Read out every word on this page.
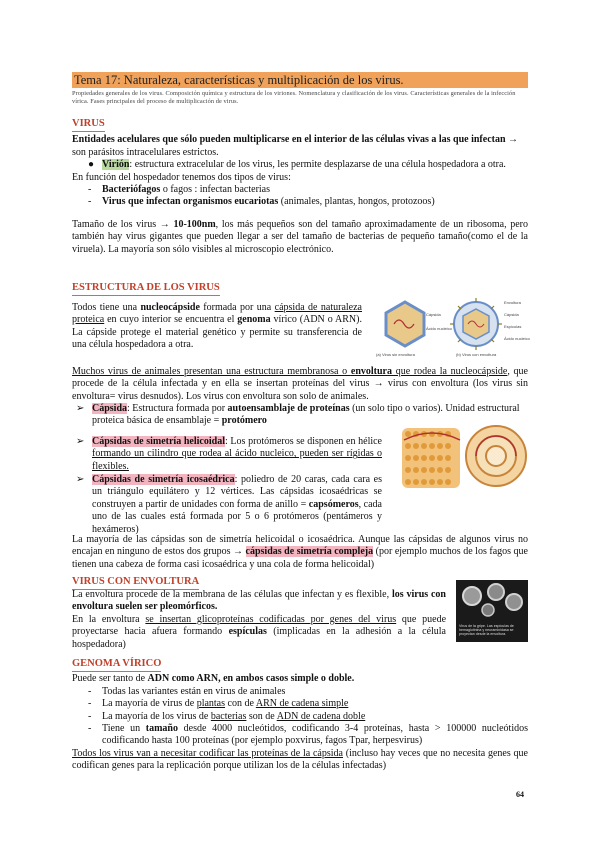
Tema 17: Naturaleza, características y multiplicación de los virus.
Propiedades generales de los virus. Composición química y estructura de los viriones. Nomenclatura y clasificación de los virus. Características generales de la infección vírica. Fases principales del proceso de multiplicación de virus.

VIRUS

Entidades acelulares que sólo pueden multiplicarse en el interior de las células vivas a las que infectan → son parásitos intracelulares estrictos.

● Virión: estructura extracelular de los virus, les permite desplazarse de una célula hospedadora a otra.

En función del hospedador tenemos dos tipos de virus:

- Bacteriófagos o fagos : infectan bacterias
- Virus que infectan organismos eucariotas (animales, plantas, hongos, protozoos)

Tamaño de los virus → 10-100nm, los más pequeños son del tamaño aproximadamente de un ribosoma, pero también hay virus gigantes que pueden llegar a ser del tamaño de bacterias de pequeño tamaño(como el de la viruela). La mayoría son sólo visibles al microscopio electrónico.

ESTRUCTURA DE LOS VIRUS

Todos tiene una nucleocápside formada por una cápsida de naturaleza proteica en cuyo interior se encuentra el genoma vírico (ADN o ARN). La cápside protege el material genético y permite su transferencia de una célula hospedadora a otra.
Cápsida
Ácido nucleico
Envoltura
Cápsida
Espículas
Ácido nucleico
(a) Virus sin envoltura	(b) Virus con envoltura
Muchos virus de animales presentan una estructura membranosa o envoltura que rodea la nucleocápside, que procede de la célula infectada y en ella se insertan proteínas del virus → virus con envoltura (los virus sin envoltura= virus desnudos). Los virus con envoltura son solo de animales.
➢ Cápsida: Estructura formada por autoensamblaje de proteínas (un solo tipo o varios). Unidad estructural proteica básica de ensamblaje = protómero
➢ Cápsidas de simetría helicoidal: Los protómeros se disponen en hélice formando un cilindro que rodea al ácido nucleico, pueden ser rígidas o flexibles.
➢ Cápsidas de simetría icosaédrica: poliedro de 20 caras, cada cara es un triángulo equilátero y 12 vértices. Las cápsidas icosaédricas se construyen a partir de unidades con forma de anillo = capsómeros, cada uno de las cuales está formada por 5 o 6 protómeros (pentámeros y hexámeros)
La mayoría de las cápsidas son de simetría helicoidal o icosaédrica. Aunque las cápsidas de algunos virus no encajan en ninguno de estos dos grupos → cápsidas de simetría compleja (por ejemplo muchos de los fagos que tienen una cabeza de forma casi icosaédrica y una cola de forma helicoidal)

VIRUS CON ENVOLTURA

La envoltura procede de la membrana de las células que infectan y es flexible, los virus con envoltura suelen ser pleomórficos.

En la envoltura se insertan glicoproteínas codificadas por genes del virus que puede proyectarse hacia afuera formando espículas (implicadas en la adhesión a la célula hospedadora)

Virus de la gripe. Las espículas de hemaglutinina y neuraminidasa se proyectan desde la envoltura.

GENOMA VÍRICO

Puede ser tanto de ADN como ARN, en ambos casos simple o doble.

- Todas las variantes están en virus de animales
- La mayoría de virus de plantas con de ARN de cadena simple
- La mayoría de los virus de bacterias son de ADN de cadena doble
- Tiene un tamaño desde 4000 nucleótidos, codificando 3-4 proteínas, hasta > 100000 nucleótidos codificando hasta 100 proteínas (por ejemplo poxvirus, fagos Tpar, herpesvirus)

Todos los virus van a necesitar codificar las proteínas de la cápsida (incluso hay veces que no necesita genes que codifican genes para la replicación porque utilizan los de la células infectadas)

64
